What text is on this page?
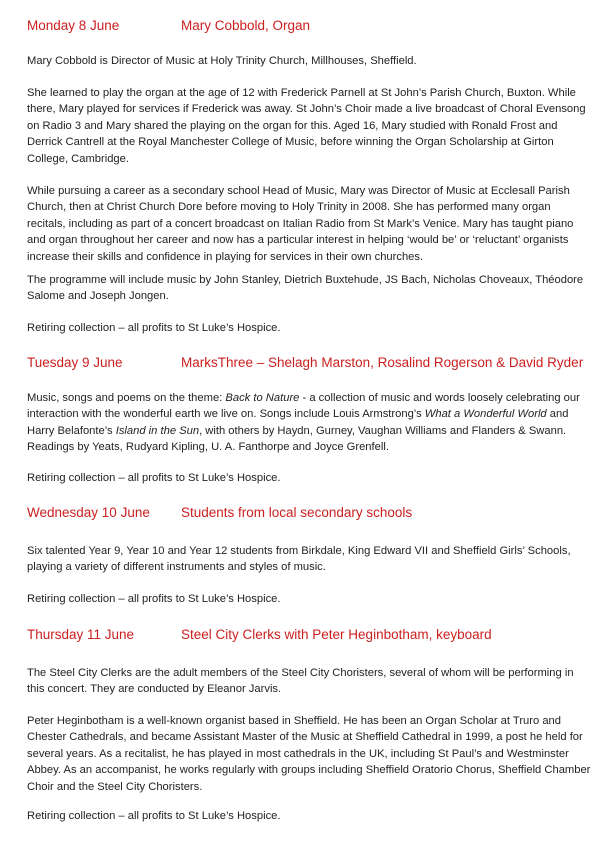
Monday 8 June	Mary Cobbold, Organ

Mary Cobbold is Director of Music at Holy Trinity Church, Millhouses, Sheffield.

She learned to play the organ at the age of 12 with Frederick Parnell at St John’s Parish Church, Buxton. While there, Mary played for services if Frederick was away. St John’s Choir made a live broadcast of Choral Evensong on Radio 3 and Mary shared the playing on the organ for this. Aged 16, Mary studied with Ronald Frost and Derrick Cantrell at the Royal Manchester College of Music, before winning the Organ Scholarship at Girton College, Cambridge.

While pursuing a career as a secondary school Head of Music, Mary was Director of Music at Ecclesall Parish Church, then at Christ Church Dore before moving to Holy Trinity in 2008. She has performed many organ recitals, including as part of a concert broadcast on Italian Radio from St Mark’s Venice. Mary has taught piano and organ throughout her career and now has a particular interest in helping ‘would be’ or ‘reluctant’ organists increase their skills and confidence in playing for services in their own churches.

The programme will include music by John Stanley, Dietrich Buxtehude, JS Bach, Nicholas Choveaux, Théodore Salome and Joseph Jongen.

Retiring collection – all profits to St Luke’s Hospice.

Tuesday 9 June	MarksThree – Shelagh Marston, Rosalind Rogerson & David Ryder

Music, songs and poems on the theme: Back to Nature - a collection of music and words loosely celebrating our interaction with the wonderful earth we live on. Songs include Louis Armstrong’s What a Wonderful World and Harry Belafonte’s Island in the Sun, with others by Haydn, Gurney, Vaughan Williams and Flanders & Swann. Readings by Yeats, Rudyard Kipling, U. A. Fanthorpe and Joyce Grenfell.

Retiring collection – all profits to St Luke’s Hospice.

Wednesday 10 June Students from local secondary schools

Six talented Year 9, Year 10 and Year 12 students from Birkdale, King Edward VII and Sheffield Girls’ Schools, playing a variety of different instruments and styles of music.

Retiring collection – all profits to St Luke’s Hospice.

Thursday 11 June	Steel City Clerks with Peter Heginbotham, keyboard

The Steel City Clerks are the adult members of the Steel City Choristers, several of whom will be performing in this concert. They are conducted by Eleanor Jarvis.

Peter Heginbotham is a well-known organist based in Sheffield. He has been an Organ Scholar at Truro and Chester Cathedrals, and became Assistant Master of the Music at Sheffield Cathedral in 1999, a post he held for several years. As a recitalist, he has played in most cathedrals in the UK, including St Paul’s and Westminster Abbey. As an accompanist, he works regularly with groups including Sheffield Oratorio Chorus, Sheffield Chamber Choir and the Steel City Choristers.

Retiring collection – all profits to St Luke’s Hospice.
